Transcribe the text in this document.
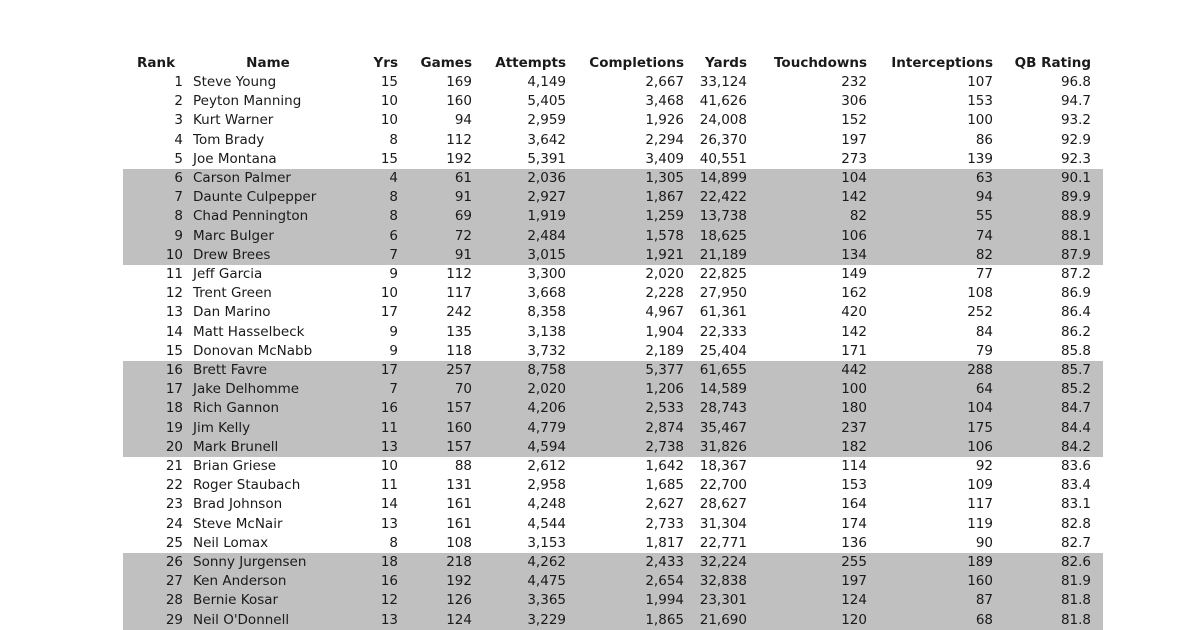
Rank	Name	Yrs	Games	Attempts	Completions	Yards	Touchdowns	Interceptions	QB Rating
1	Steve Young	15	169	4,149	2,667	33,124	232	107	96.8
2	Peyton Manning	10	160	5,405	3,468	41,626	306	153	94.7
3	Kurt Warner	10	94	2,959	1,926	24,008	152	100	93.2
4	Tom Brady	8	112	3,642	2,294	26,370	197	86	92.9
5	Joe Montana	15	192	5,391	3,409	40,551	273	139	92.3
6	Carson Palmer	4	61	2,036	1,305	14,899	104	63	90.1
7	Daunte Culpepper	8	91	2,927	1,867	22,422	142	94	89.9
8	Chad Pennington	8	69	1,919	1,259	13,738	82	55	88.9
9	Marc Bulger	6	72	2,484	1,578	18,625	106	74	88.1
10	Drew Brees	7	91	3,015	1,921	21,189	134	82	87.9
11	Jeff Garcia	9	112	3,300	2,020	22,825	149	77	87.2
12	Trent Green	10	117	3,668	2,228	27,950	162	108	86.9
13	Dan Marino	17	242	8,358	4,967	61,361	420	252	86.4
14	Matt Hasselbeck	9	135	3,138	1,904	22,333	142	84	86.2
15	Donovan McNabb	9	118	3,732	2,189	25,404	171	79	85.8
16	Brett Favre	17	257	8,758	5,377	61,655	442	288	85.7
17	Jake Delhomme	7	70	2,020	1,206	14,589	100	64	85.2
18	Rich Gannon	16	157	4,206	2,533	28,743	180	104	84.7
19	Jim Kelly	11	160	4,779	2,874	35,467	237	175	84.4
20	Mark Brunell	13	157	4,594	2,738	31,826	182	106	84.2
21	Brian Griese	10	88	2,612	1,642	18,367	114	92	83.6
22	Roger Staubach	11	131	2,958	1,685	22,700	153	109	83.4
23	Brad Johnson	14	161	4,248	2,627	28,627	164	117	83.1
24	Steve McNair	13	161	4,544	2,733	31,304	174	119	82.8
25	Neil Lomax	8	108	3,153	1,817	22,771	136	90	82.7
26	Sonny Jurgensen	18	218	4,262	2,433	32,224	255	189	82.6
27	Ken Anderson	16	192	4,475	2,654	32,838	197	160	81.9
28	Bernie Kosar	12	126	3,365	1,994	23,301	124	87	81.8
29	Neil O'Donnell	13	124	3,229	1,865	21,690	120	68	81.8
